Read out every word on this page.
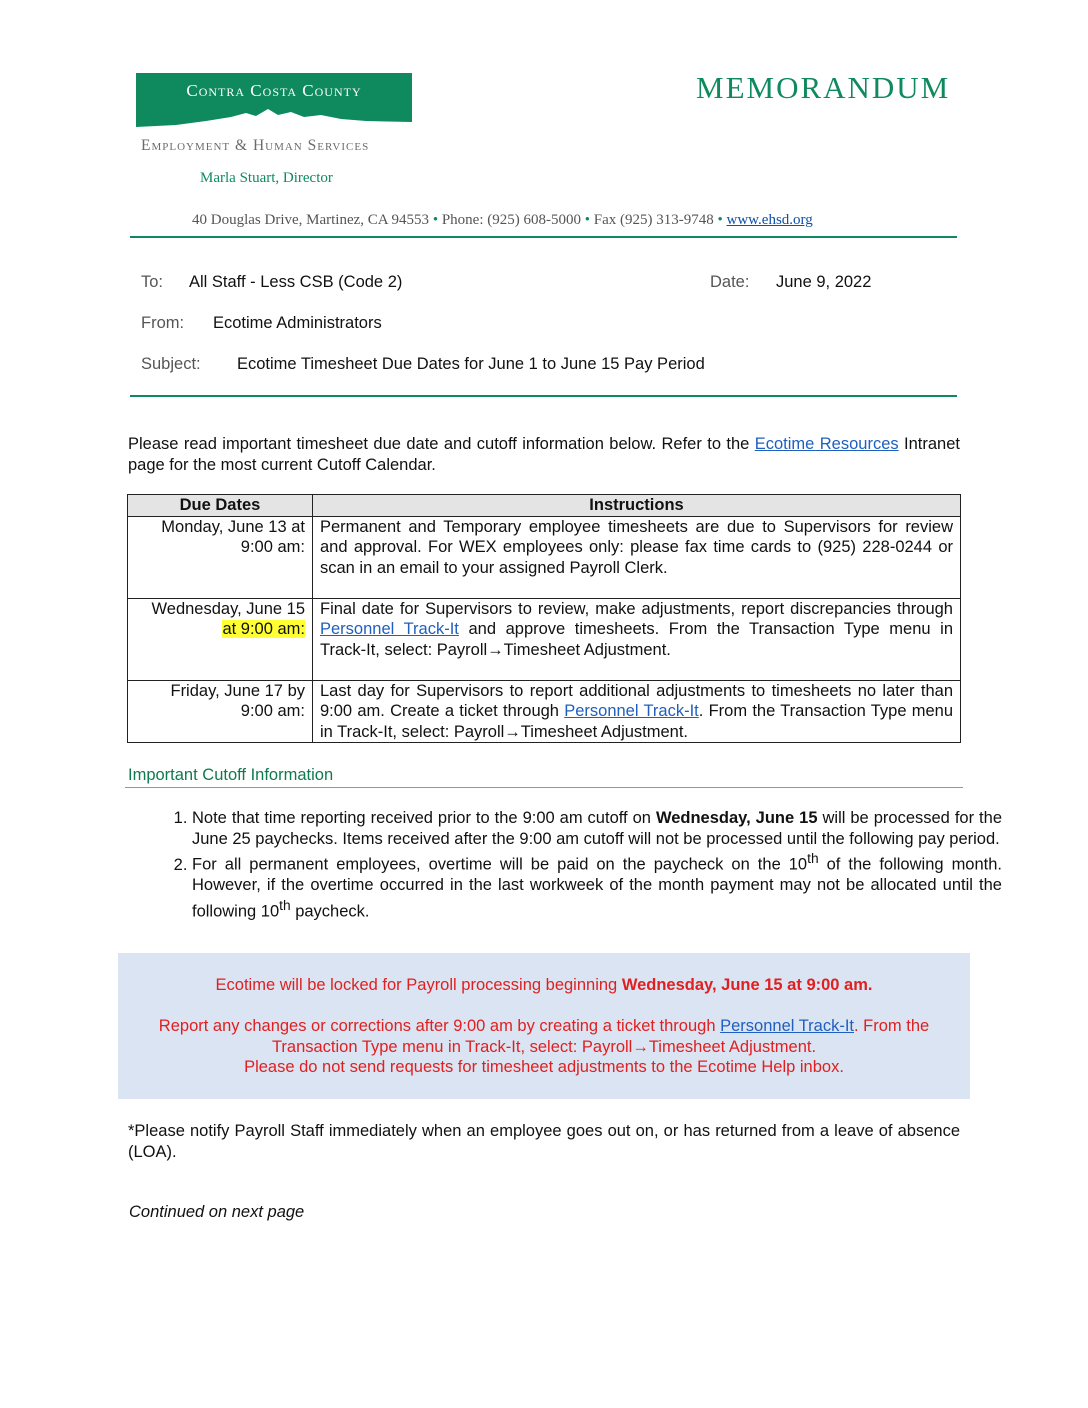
Contra Costa County
Employment & Human Services
Marla Stuart, Director
MEMORANDUM
40 Douglas Drive, Martinez, CA 94553 • Phone: (925) 608-5000 • Fax (925) 313-9748 • www.ehsd.org
To: All Staff - Less CSB (Code 2)	Date: June 9, 2022
From: Ecotime Administrators
Subject: Ecotime Timesheet Due Dates for June 1 to June 15 Pay Period
Please read important timesheet due date and cutoff information below. Refer to the Ecotime Resources Intranet page for the most current Cutoff Calendar.
Due Dates	Instructions
Monday, June 13 at 9:00 am:	Permanent and Temporary employee timesheets are due to Supervisors for review and approval. For WEX employees only: please fax time cards to (925) 228-0244 or scan in an email to your assigned Payroll Clerk.
Wednesday, June 15 at 9:00 am:	Final date for Supervisors to review, make adjustments, report discrepancies through Personnel Track-It and approve timesheets. From the Transaction Type menu in Track-It, select: Payroll→Timesheet Adjustment.
Friday, June 17 by 9:00 am:	Last day for Supervisors to report additional adjustments to timesheets no later than 9:00 am. Create a ticket through Personnel Track-It. From the Transaction Type menu in Track-It, select: Payroll→Timesheet Adjustment.
Important Cutoff Information
1. Note that time reporting received prior to the 9:00 am cutoff on Wednesday, June 15 will be processed for the June 25 paychecks. Items received after the 9:00 am cutoff will not be processed until the following pay period.
2. For all permanent employees, overtime will be paid on the paycheck on the 10th of the following month. However, if the overtime occurred in the last workweek of the month payment may not be allocated until the following 10th paycheck.
Ecotime will be locked for Payroll processing beginning Wednesday, June 15 at 9:00 am.
Report any changes or corrections after 9:00 am by creating a ticket through Personnel Track-It. From the Transaction Type menu in Track-It, select: Payroll→Timesheet Adjustment.
Please do not send requests for timesheet adjustments to the Ecotime Help inbox.
*Please notify Payroll Staff immediately when an employee goes out on, or has returned from a leave of absence (LOA).
Continued on next page
